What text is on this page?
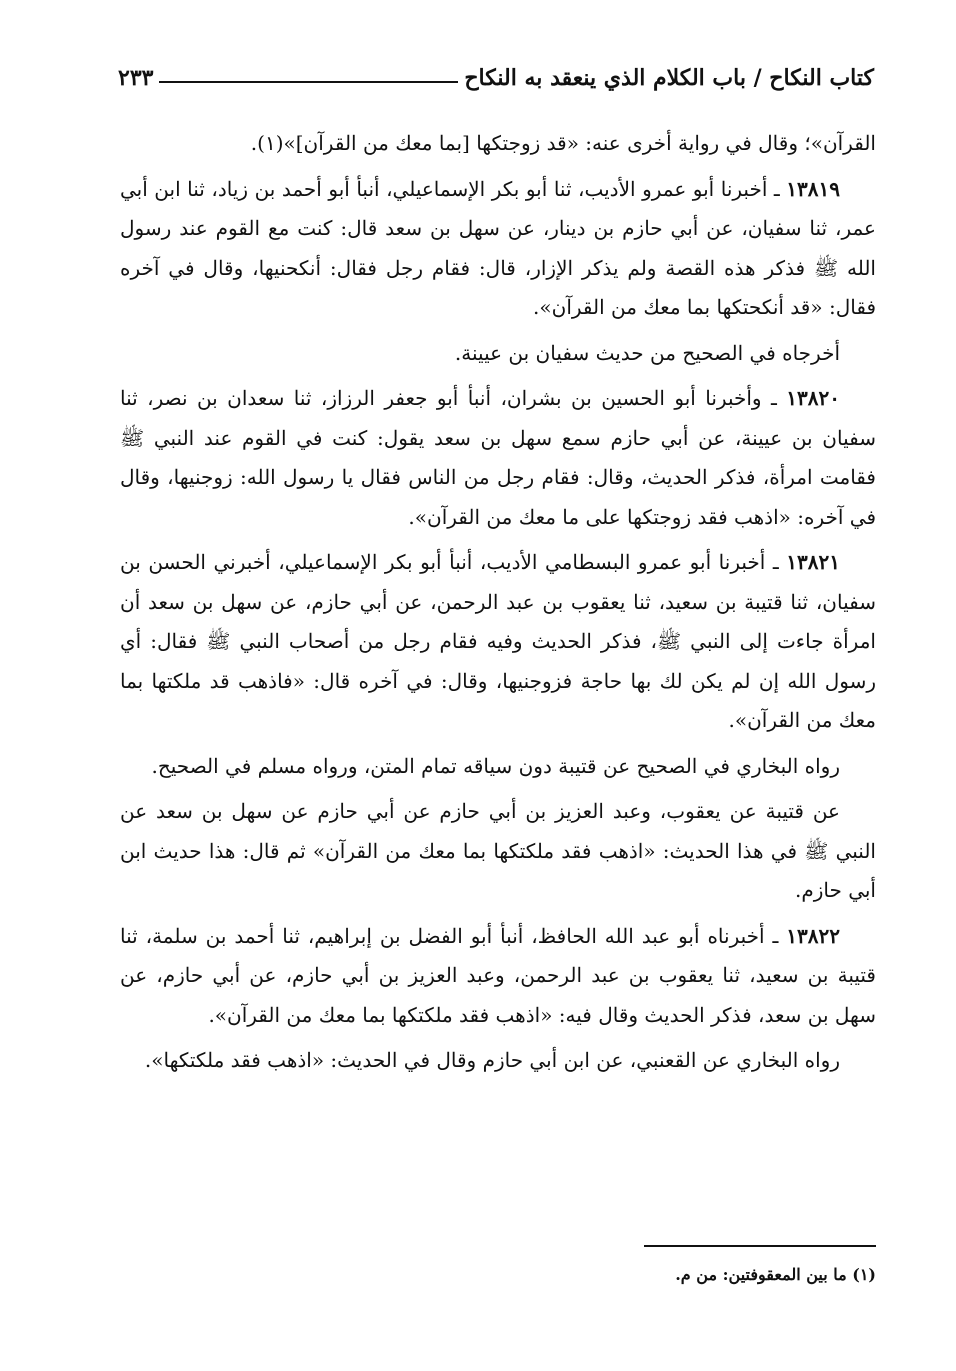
كتاب النكاح / باب الكلام الذي ينعقد به النكاح
٢٣٣

القرآن»؛ وقال في رواية أخرى عنه: «قد زوجتكها [بما معك من القرآن]»(١).

١٣٨١٩ ـ أخبرنا أبو عمرو الأديب، ثنا أبو بكر الإسماعيلي، أنبأ أبو أحمد بن زياد، ثنا ابن أبي عمر، ثنا سفيان، عن أبي حازم بن دينار، عن سهل بن سعد قال: كنت مع القوم عند رسول الله ﷺ فذكر هذه القصة ولم يذكر الإزار، قال: فقام رجل فقال: أنكحنيها، وقال في آخره فقال: «قد أنكحتكها بما معك من القرآن».

أخرجاه في الصحيح من حديث سفيان بن عيينة.

١٣٨٢٠ ـ وأخبرنا أبو الحسين بن بشران، أنبأ أبو جعفر الرزاز، ثنا سعدان بن نصر، ثنا سفيان بن عيينة، عن أبي حازم سمع سهل بن سعد يقول: كنت في القوم عند النبي ﷺ فقامت امرأة، فذكر الحديث، وقال: فقام رجل من الناس فقال يا رسول الله: زوجنيها، وقال في آخره: «اذهب فقد زوجتكها على ما معك من القرآن».

١٣٨٢١ ـ أخبرنا أبو عمرو البسطامي الأديب، أنبأ أبو بكر الإسماعيلي، أخبرني الحسن بن سفيان، ثنا قتيبة بن سعيد، ثنا يعقوب بن عبد الرحمن، عن أبي حازم، عن سهل بن سعد أن امرأة جاءت إلى النبي ﷺ، فذكر الحديث وفيه فقام رجل من أصحاب النبي ﷺ فقال: أي رسول الله إن لم يكن لك بها حاجة فزوجنيها، وقال: في آخره قال: «فاذهب قد ملكتها بما معك من القرآن».

رواه البخاري في الصحيح عن قتيبة دون سياقه تمام المتن، ورواه مسلم في الصحيح.

عن قتيبة عن يعقوب، وعبد العزيز بن أبي حازم عن أبي حازم عن سهل بن سعد عن النبي ﷺ في هذا الحديث: «اذهب فقد ملكتكها بما معك من القرآن» ثم قال: هذا حديث ابن أبي حازم.

١٣٨٢٢ ـ أخبرناه أبو عبد الله الحافظ، أنبأ أبو الفضل بن إبراهيم، ثنا أحمد بن سلمة، ثنا قتيبة بن سعيد، ثنا يعقوب بن عبد الرحمن، وعبد العزيز بن أبي حازم، عن أبي حازم، عن سهل بن سعد، فذكر الحديث وقال فيه: «اذهب فقد ملكتكها بما معك من القرآن».

رواه البخاري عن القعنبي، عن ابن أبي حازم وقال في الحديث: «اذهب فقد ملكتكها».

(١) ما بين المعقوفتين: من م.
